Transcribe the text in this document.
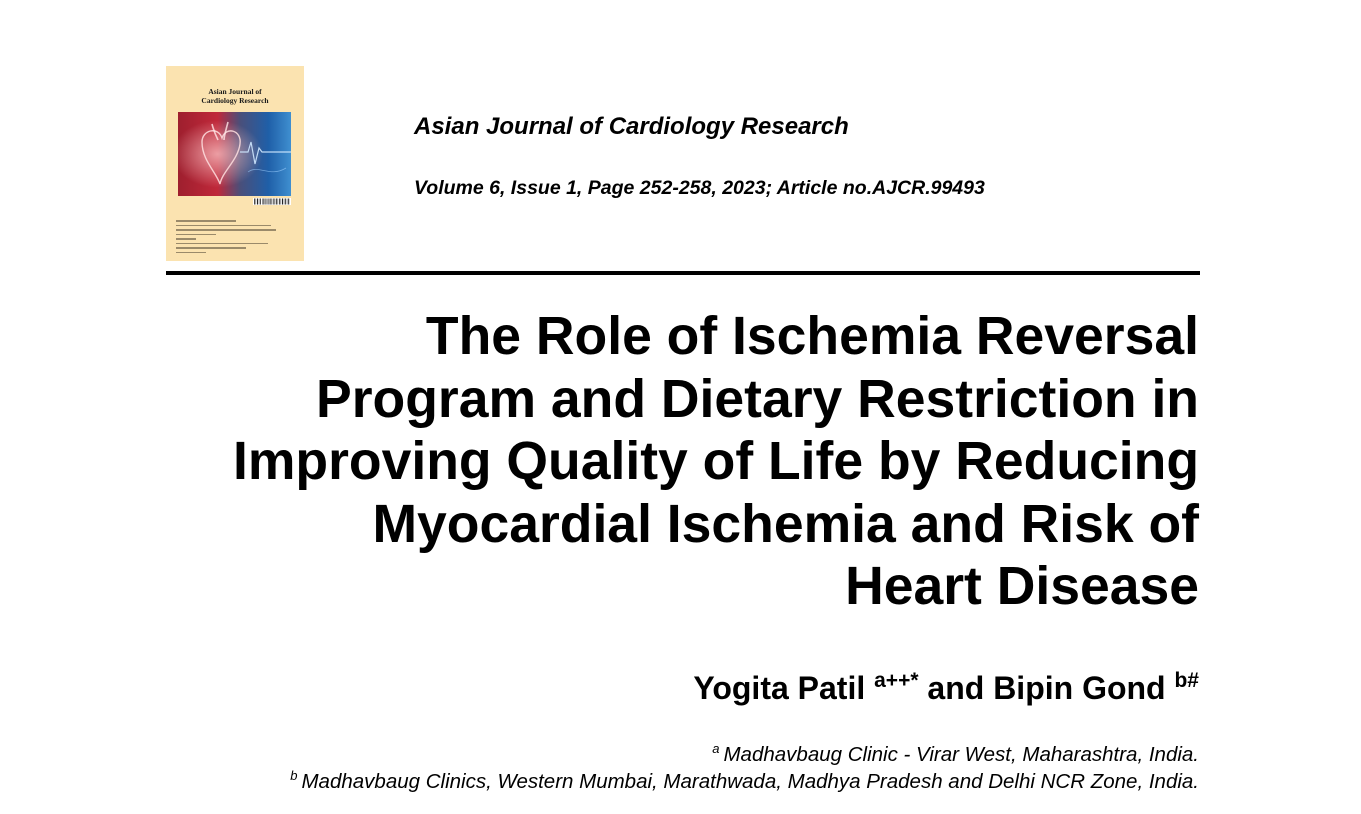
Asian Journal of
Cardiology Research
Asian Journal of Cardiology Research
Volume 6, Issue 1, Page 252-258, 2023; Article no.AJCR.99493
The Role of Ischemia Reversal
Program and Dietary Restriction in
Improving Quality of Life by Reducing
Myocardial Ischemia and Risk of
Heart Disease
Yogita Patil $^{a++*}$ and Bipin Gond $^{b\#}$
$^a$ Madhavbaug Clinic - Virar West, Maharashtra, India.
$^b$ Madhavbaug Clinics, Western Mumbai, Marathwada, Madhya Pradesh and Delhi NCR Zone, India.
